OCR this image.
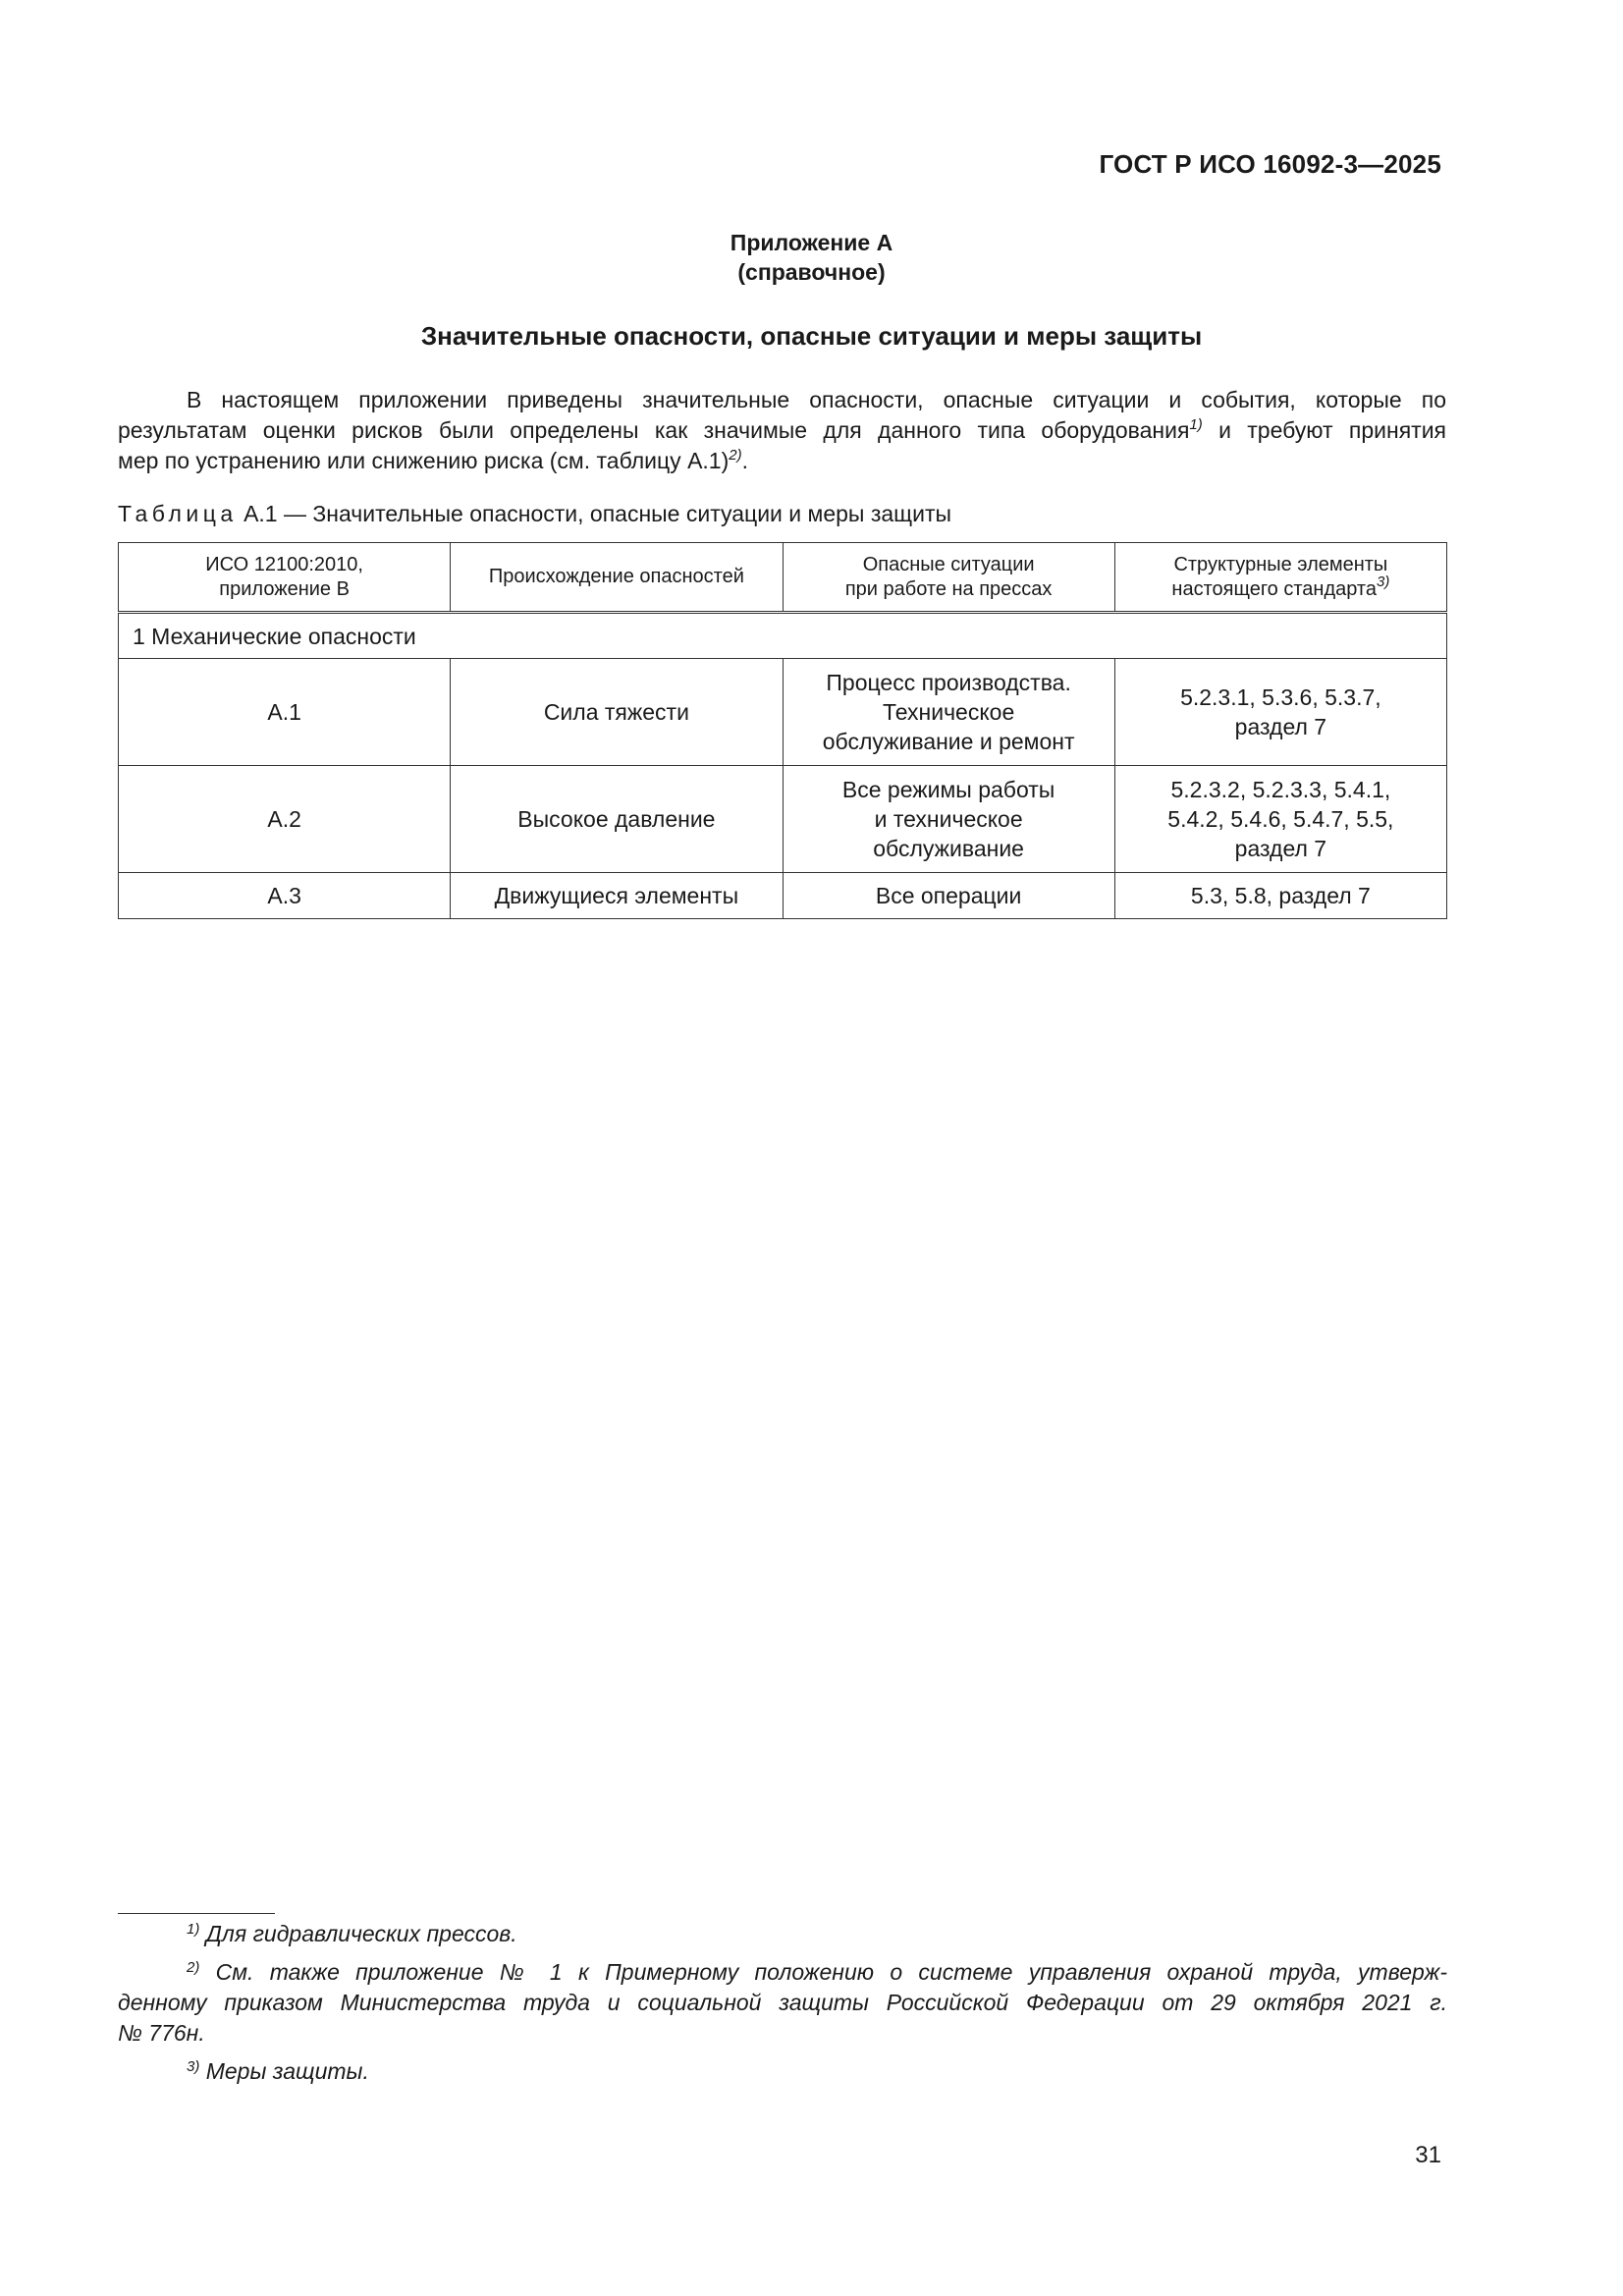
ГОСТ Р ИСО 16092-3—2025
Приложение А
(справочное)
Значительные опасности, опасные ситуации и меры защиты
В настоящем приложении приведены значительные опасности, опасные ситуации и события, которые по
результатам оценки рисков были определены как значимые для данного типа оборудования$^{1)}$ и требуют принятия
мер по устранению или снижению риска (см. таблицу А.1)$^{2)}$.
Таблица А.1 — Значительные опасности, опасные ситуации и меры защиты
ИСО 12100:2010,
приложение В	Происхождение опасностей	Опасные ситуации
при работе на прессах	Структурные элементы
настоящего стандарта$^{3)}$
1 Механические опасности			
А.1	Сила тяжести	Процесс производства.
Техническое
обслуживание и ремонт	5.2.3.1, 5.3.6, 5.3.7,
раздел 7
А.2	Высокое давление	Все режимы работы
и техническое
обслуживание	5.2.3.2, 5.2.3.3, 5.4.1,
5.4.2, 5.4.6, 5.4.7, 5.5,
раздел 7
А.3	Движущиеся элементы	Все операции	5.3, 5.8, раздел 7
$^{1)}$ Для гидравлических прессов.
$^{2)}$ См. также приложение № 1 к Примерному положению о системе управления охраной труда, утверж-
денному приказом Министерства труда и социальной защиты Российской Федерации от 29 октября 2021 г.
№ 776н.
$^{3)}$ Меры защиты.
31
